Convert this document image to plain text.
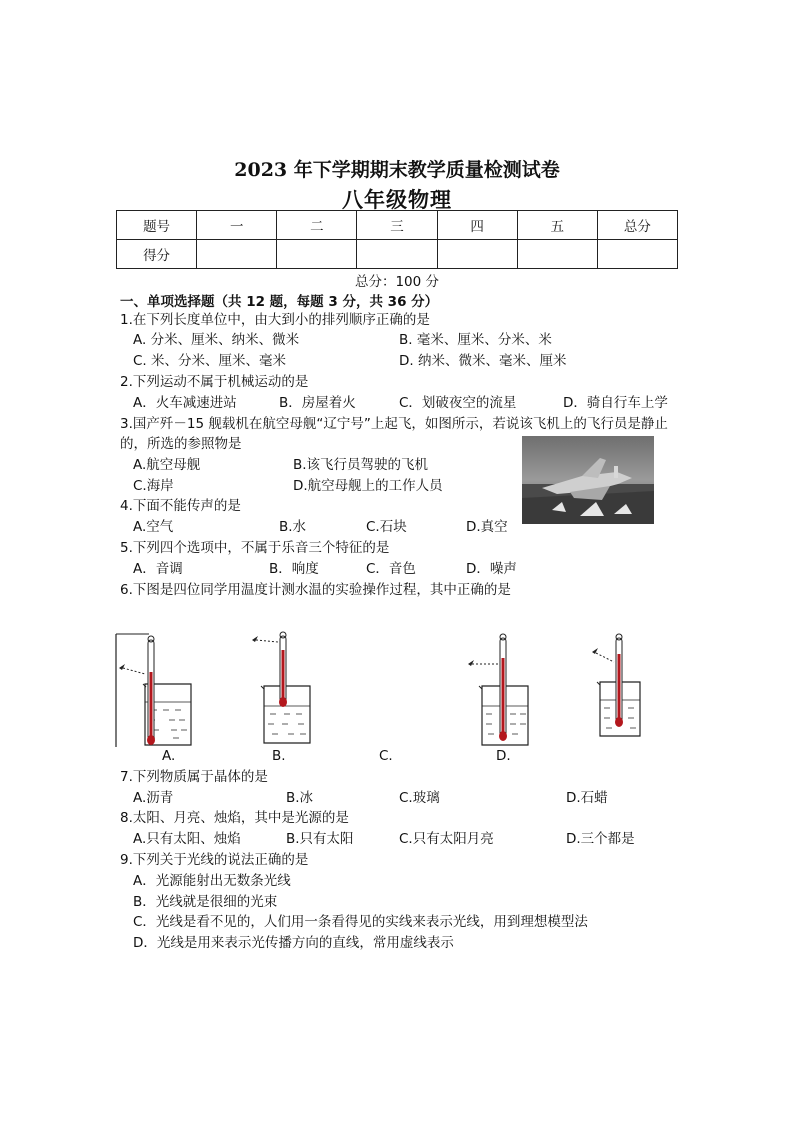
2023 年下学期期末教学质量检测试卷
八年级物理
题号	一	二	三	四	五	总分
得分						
总分：100 分
一、单项选择题（共 12 题，每题 3 分，共 36 分）
1.在下列长度单位中，由大到小的排列顺序正确的是
A. 分米、厘米、纳米、微米	B. 毫米、厘米、分米、米
C. 米、分米、厘米、毫米	D. 纳米、微米、毫米、厘米
2.下列运动不属于机械运动的是
A．火车减速进站	B．房屋着火	C．划破夜空的流星	D．骑自行车上学
3.国产歼－15 舰载机在航空母舰“辽宁号”上起飞，如图所示，若说该飞机上的飞行员是静止
的，所选的参照物是
A.航空母舰	B.该飞行员驾驶的飞机
C.海岸	D.航空母舰上的工作人员
4.下面不能传声的是
A.空气	B.水	C.石块	D.真空
5.下列四个选项中，不属于乐音三个特征的是
A．音调	B．响度	C．音色	D．噪声
6.下图是四位同学用温度计测水温的实验操作过程，其中正确的是
A.	B.	C.	D.
7.下列物质属于晶体的是
A.沥青	B.冰	C.玻璃	D.石蜡
8.太阳、月亮、烛焰，其中是光源的是
A.只有太阳、烛焰	B.只有太阳	C.只有太阳月亮	D.三个都是
9.下列关于光线的说法正确的是
A．光源能射出无数条光线
B．光线就是很细的光束
C．光线是看不见的，人们用一条看得见的实线来表示光线，用到理想模型法
D．光线是用来表示光传播方向的直线，常用虚线表示
